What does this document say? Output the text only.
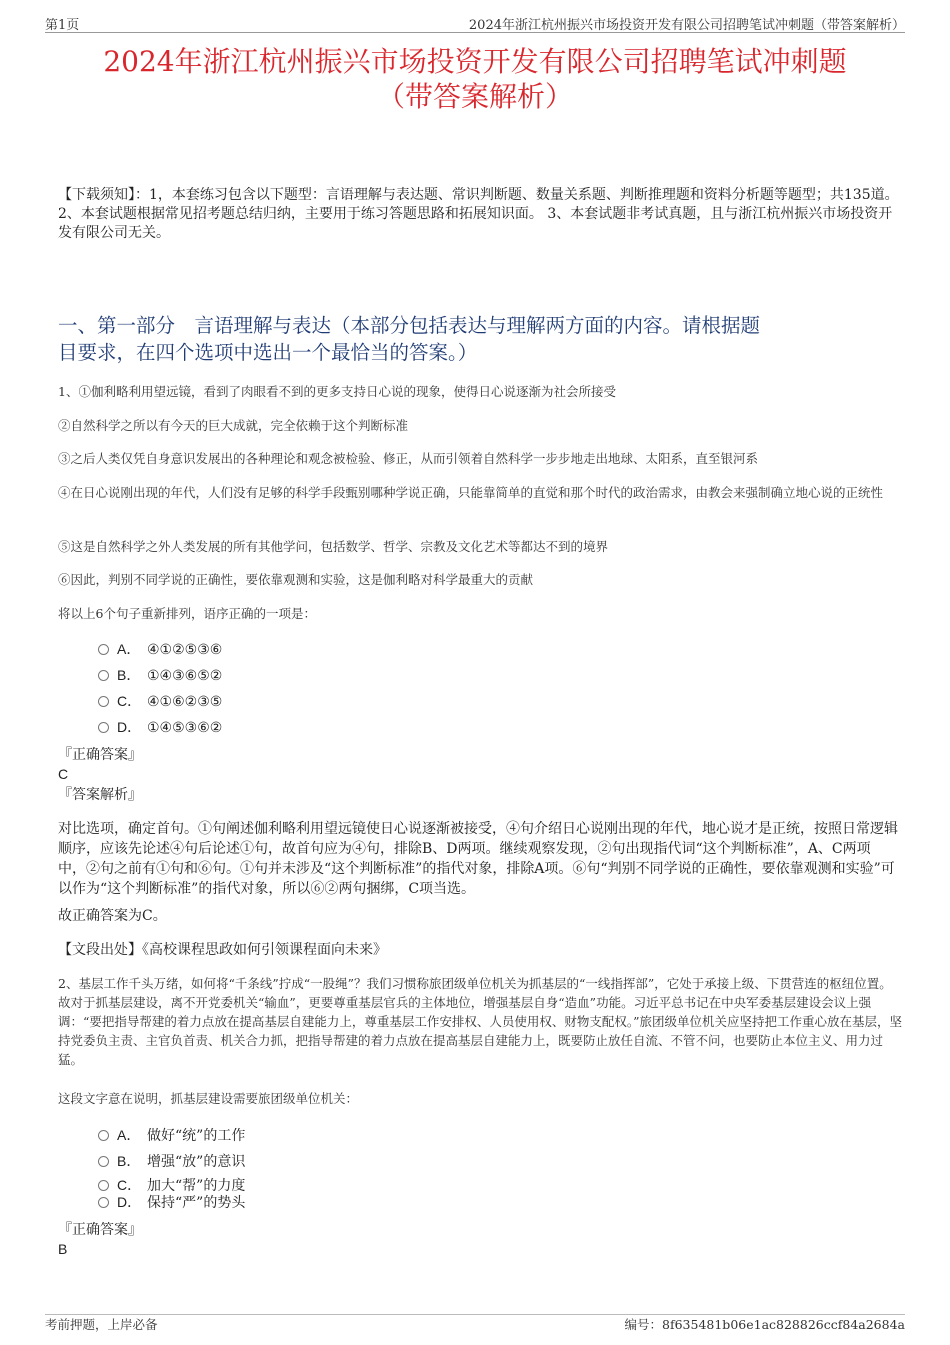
第1页	2024年浙江杭州振兴市场投资开发有限公司招聘笔试冲刺题（带答案解析）
2024年浙江杭州振兴市场投资开发有限公司招聘笔试冲刺题
（带答案解析）
【下载须知】：1，本套练习包含以下题型：言语理解与表达题、常识判断题、数量关系题、判断推理题和资料分析题等题型；共135道。 2、本套试题根据常见招考题总结归纳，主要用于练习答题思路和拓展知识面。 3、本套试题非考试真题，且与浙江杭州振兴市场投资开发有限公司无关。
一、第一部分　言语理解与表达（本部分包括表达与理解两方面的内容。请根据题
目要求，在四个选项中选出一个最恰当的答案。）
1、①伽利略利用望远镜，看到了肉眼看不到的更多支持日心说的现象，使得日心说逐渐为社会所接受
②自然科学之所以有今天的巨大成就，完全依赖于这个判断标准
③之后人类仅凭自身意识发展出的各种理论和观念被检验、修正，从而引领着自然科学一步步地走出地球、太阳系，直至银河系
④在日心说刚出现的年代，人们没有足够的科学手段甄别哪种学说正确，只能靠简单的直觉和那个时代的政治需求，由教会来强制确立地心说的正统性
⑤这是自然科学之外人类发展的所有其他学问，包括数学、哲学、宗教及文化艺术等都达不到的境界
⑥因此，判别不同学说的正确性，要依靠观测和实验，这是伽利略对科学最重大的贡献
将以上6个句子重新排列，语序正确的一项是：
A． ④①②⑤③⑥
B． ①④③⑥⑤②
C． ④①⑥②③⑤
D． ①④⑤③⑥②
『正确答案』
C
『答案解析』
对比选项，确定首句。①句阐述伽利略利用望远镜使日心说逐渐被接受，④句介绍日心说刚出现的年代，地心说才是正统，按照日常逻辑顺序，应该先论述④句后论述①句，故首句应为④句，排除B、D两项。继续观察发现，②句出现指代词“这个判断标准”，A、C两项中，②句之前有①句和⑥句。①句并未涉及“这个判断标准”的指代对象，排除A项。⑥句“判别不同学说的正确性，要依靠观测和实验”可以作为“这个判断标准”的指代对象，所以⑥②两句捆绑，C项当选。
故正确答案为C。
【文段出处】《高校课程思政如何引领课程面向未来》
2、基层工作千头万绪，如何将“千条线”拧成“一股绳”？我们习惯称旅团级单位机关为抓基层的“一线指挥部”，它处于承接上级、下贯营连的枢纽位置。故对于抓基层建设，离不开党委机关“输血”，更要尊重基层官兵的主体地位，增强基层自身“造血”功能。习近平总书记在中央军委基层建设会议上强调：“要把指导帮建的着力点放在提高基层自建能力上，尊重基层工作安排权、人员使用权、财物支配权。”旅团级单位机关应坚持把工作重心放在基层，坚持党委负主责、主官负首责、机关合力抓，把指导帮建的着力点放在提高基层自建能力上，既要防止放任自流、不管不问，也要防止本位主义、用力过猛。
这段文字意在说明，抓基层建设需要旅团级单位机关：
A． 做好“统”的工作
B． 增强“放”的意识
C． 加大“帮”的力度
D． 保持“严”的势头
『正确答案』
B
考前押题，上岸必备	编号：8f635481b06e1ac828826ccf84a2684a
